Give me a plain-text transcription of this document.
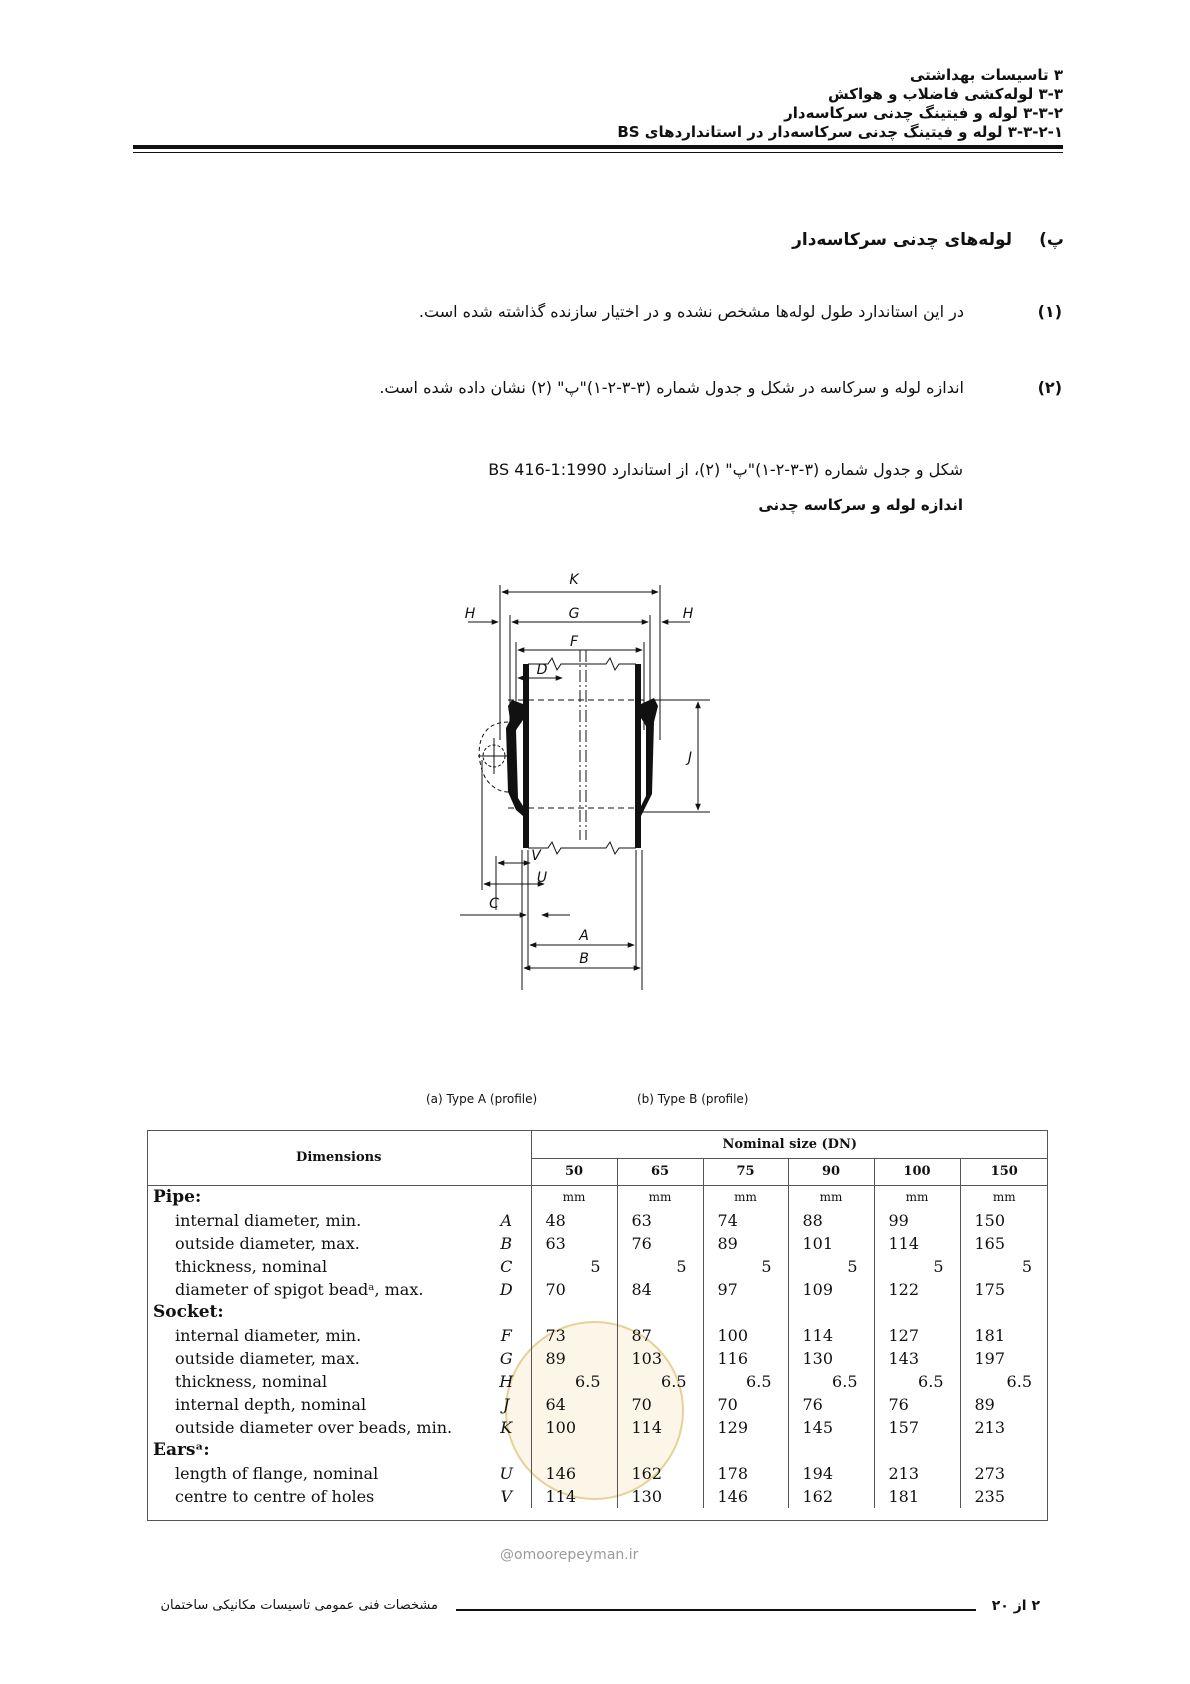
۳ تاسیسات بهداشتی
۳-۳ لوله‌کشی فاضلاب و هواکش
۳-۳-۲ لوله و فیتینگ چدنی سرکاسه‌دار
۳-۳-۲-۱ لوله و فیتینگ چدنی سرکاسه‌دار در استانداردهای BS
پ)
لوله‌های چدنی سرکاسه‌دار
(۱)
در این استاندارد طول لوله‌ها مشخص نشده و در اختیار سازنده گذاشته شده است.
(۲)
اندازه لوله و سرکاسه در شکل و جدول شماره (۳-۳-۲-۱)"پ" (۲) نشان داده شده است.
شکل و جدول شماره (۳-۳-۲-۱)"پ" (۲)، از استاندارد BS 416-1:1990
اندازه لوله و سرکاسه چدنی
K
G
F
D
H	H
J
V
U
C
A
B
(a) Type A (profile)	(b) Type B (profile)
Dimensions		Nominal size (DN)					
		50	65	75	90	100	150
Pipe:		mm	mm	mm	mm	mm	mm
internal diameter, min.	A	48	63	74	88	99	150
outside diameter, max.	B	63	76	89	101	114	165
thickness, nominal	C	5	5	5	5	5	5
diameter of spigot beadᵃ, max.	D	70	84	97	109	122	175
Socket:							
internal diameter, min.	F	73	87	100	114	127	181
outside diameter, max.	G	89	103	116	130	143	197
thickness, nominal	H	6.5	6.5	6.5	6.5	6.5	6.5
internal depth, nominal	J	64	70	70	76	76	89
outside diameter over beads, min.	K	100	114	129	145	157	213
Earsᵃ:							
length of flange, nominal	U	146	162	178	194	213	273
centre to centre of holes	V	114	130	146	162	181	235
@omoorepeyman.ir
مشخصات فنی عمومی تاسیسات مکانیکی ساختمان	۲ از ۲۰
